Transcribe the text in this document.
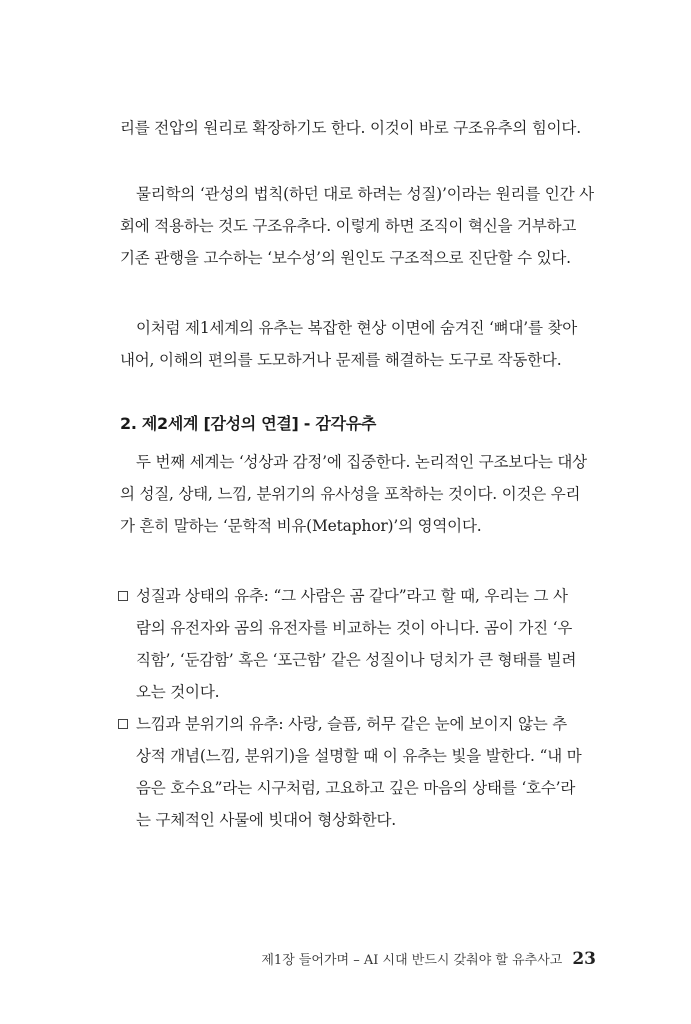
리를 전압의 원리로 확장하기도 한다. 이것이 바로 구조유추의 힘이다.
물리학의 ‘관성의 법칙(하던 대로 하려는 성질)’이라는 원리를 인간 사
회에 적용하는 것도 구조유추다. 이렇게 하면 조직이 혁신을 거부하고
기존 관행을 고수하는 ‘보수성’의 원인도 구조적으로 진단할 수 있다.
이처럼 제1세계의 유추는 복잡한 현상 이면에 숨겨진 ‘뼈대’를 찾아
내어, 이해의 편의를 도모하거나 문제를 해결하는 도구로 작동한다.
2. 제2세계 [감성의 연결] - 감각유추
두 번째 세계는 ‘성상과 감정’에 집중한다. 논리적인 구조보다는 대상
의 성질, 상태, 느낌, 분위기의 유사성을 포착하는 것이다. 이것은 우리
가 흔히 말하는 ‘문학적 비유(Metaphor)’의 영역이다.
성질과 상태의 유추: “그 사람은 곰 같다”라고 할 때, 우리는 그 사
람의 유전자와 곰의 유전자를 비교하는 것이 아니다. 곰이 가진 ‘우
직함’, ‘둔감함’ 혹은 ‘포근함’ 같은 성질이나 덩치가 큰 형태를 빌려
오는 것이다.
느낌과 분위기의 유추: 사랑, 슬픔, 허무 같은 눈에 보이지 않는 추
상적 개념(느낌, 분위기)을 설명할 때 이 유추는 빛을 발한다. “내 마
음은 호수요”라는 시구처럼, 고요하고 깊은 마음의 상태를 ‘호수’라
는 구체적인 사물에 빗대어 형상화한다.
제1장 들어가며 – AI 시대 반드시 갖춰야 할 유추사고 23
